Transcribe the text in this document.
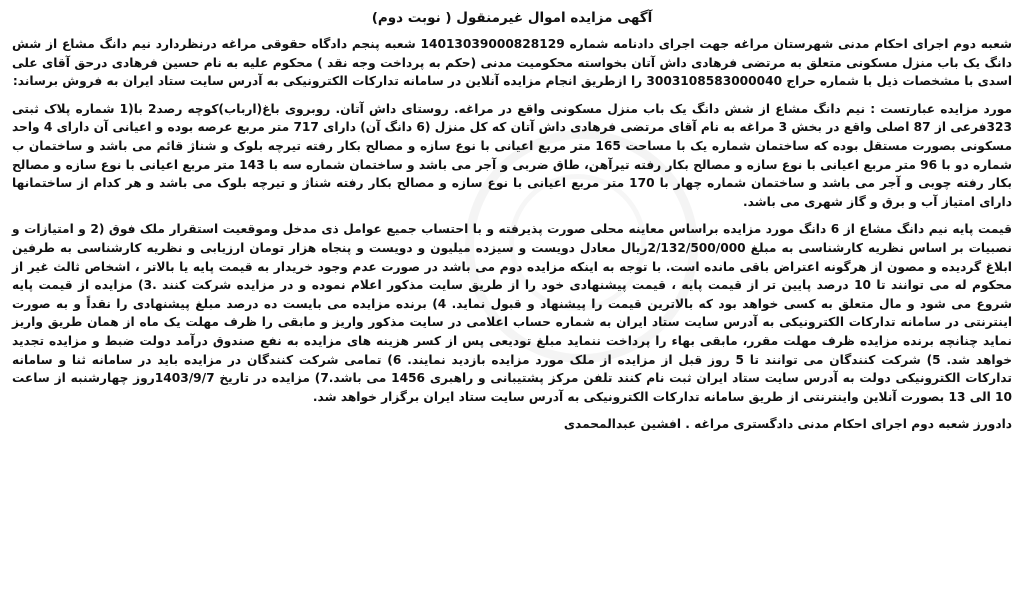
آگهی مزایده اموال غیرمنقول ( نوبت دوم)
شعبه دوم اجرای احکام مدنی شهرستان مراغه جهت اجرای دادنامه شماره 14013039000828129 شعبه پنجم دادگاه حقوقی مراغه درنظردارد نیم دانگ مشاع از شش دانگ یک باب منزل مسکونی متعلق به مرتضی فرهادی داش آتان بخواسته محکومیت مدنی (حکم به پرداخت وجه نقد ) محکوم علیه به نام حسین فرهادی درحق آقای علی اسدی با مشخصات ذیل با شماره حراج 3003108583000040 را ازطریق انجام مزایده آنلاین در سامانه تدارکات الکترونیکی به آدرس سایت ستاد ایران به فروش برساند:
مورد مزایده عبارتست : نیم دانگ مشاع از شش دانگ یک باب منزل مسکونی واقع در مراغه. روستای داش آتان. روبروی باغ(ارباب)کوچه رصد2 با(1 شماره پلاک ثبتی 323فرعی از 87 اصلی واقع در بخش 3 مراغه به نام آقای مرتضی فرهادی داش آتان که کل منزل (6 دانگ آن) دارای 717 متر مربع عرصه بوده و اعیانی آن دارای 4 واحد مسکونی بصورت مستقل بوده که ساختمان شماره یک با مساحت 165 متر مربع اعیانی با نوع سازه و مصالح بکار رفته تیرچه بلوک و شناژ قائم می باشد و ساختمان ب شماره دو با 96 متر مربع اعیانی با نوع سازه و مصالح بکار رفته تیرآهن، طاق ضربی و آجر می باشد و ساختمان شماره سه با 143 متر مربع اعیانی با نوع سازه و مصالح بکار رفته چوبی و آجر می باشد و ساختمان شماره چهار با 170 متر مربع اعیانی با نوع سازه و مصالح بکار رفته شناژ و تیرچه بلوک می باشد و هر کدام از ساختمانها دارای امتیاز آب و برق و گاز شهری می باشد.
قیمت پایه نیم دانگ مشاع از 6 دانگ مورد مزایده براساس معاینه محلی صورت پذیرفته و با احتساب جمیع عوامل ذی مدخل وموقعیت استقرار ملک فوق (2 و امتیازات و نصبیات بر اساس نظریه کارشناسی به مبلغ 2/132/500/000ریال معادل دویست و سیزده میلیون و دویست و پنجاه هزار تومان ارزیابی و نظریه کارشناسی به طرفین ابلاغ گردیده و مصون از هرگونه اعتراض باقی مانده است. با توجه به اینکه مزایده دوم می باشد در صورت عدم وجود خریدار به قیمت پایه یا بالاتر ، اشخاص ثالث غیر از محکوم له می توانند تا 10 درصد پایین تر از قیمت پایه ، قیمت پیشنهادی خود را از طریق سایت مذکور اعلام نموده و در مزایده شرکت کنند .3) مزایده از قیمت پایه شروع می شود و مال متعلق به کسی خواهد بود که بالاترین قیمت را پیشنهاد و قبول نماید. 4) برنده مزایده می بایست ده درصد مبلغ پیشنهادی را نقداً و به صورت اینترنتی در سامانه تدارکات الکترونیکی به آدرس سایت ستاد ایران به شماره حساب اعلامی در سایت مذکور واریز و مابقی را ظرف مهلت یک ماه از همان طریق واریز نماید چنانچه برنده مزایده ظرف مهلت مقرر، مابقی بهاء را پرداخت ننماید مبلغ تودیعی پس از کسر هزینه های مزایده به نفع صندوق درآمد دولت ضبط و مزایده تجدید خواهد شد. 5) شرکت کنندگان می توانند تا 5 روز قبل از مزایده از ملک مورد مزایده بازدید نمایند. 6) تمامی شرکت کنندگان در مزایده باید در سامانه ثنا و سامانه تدارکات الکترونیکی دولت به آدرس سایت ستاد ایران ثبت نام کنند تلفن مرکز پشتیبانی و راهبری 1456 می باشد.7) مزایده در تاریخ 1403/9/7روز چهارشنبه از ساعت 10 الی 13 بصورت آنلاین واینترنتی از طریق سامانه تدارکات الکترونیکی به آدرس سایت ستاد ایران برگزار خواهد شد.
دادورز شعبه دوم اجرای احکام مدنی دادگستری مراغه . افشین عبدالمحمدی
